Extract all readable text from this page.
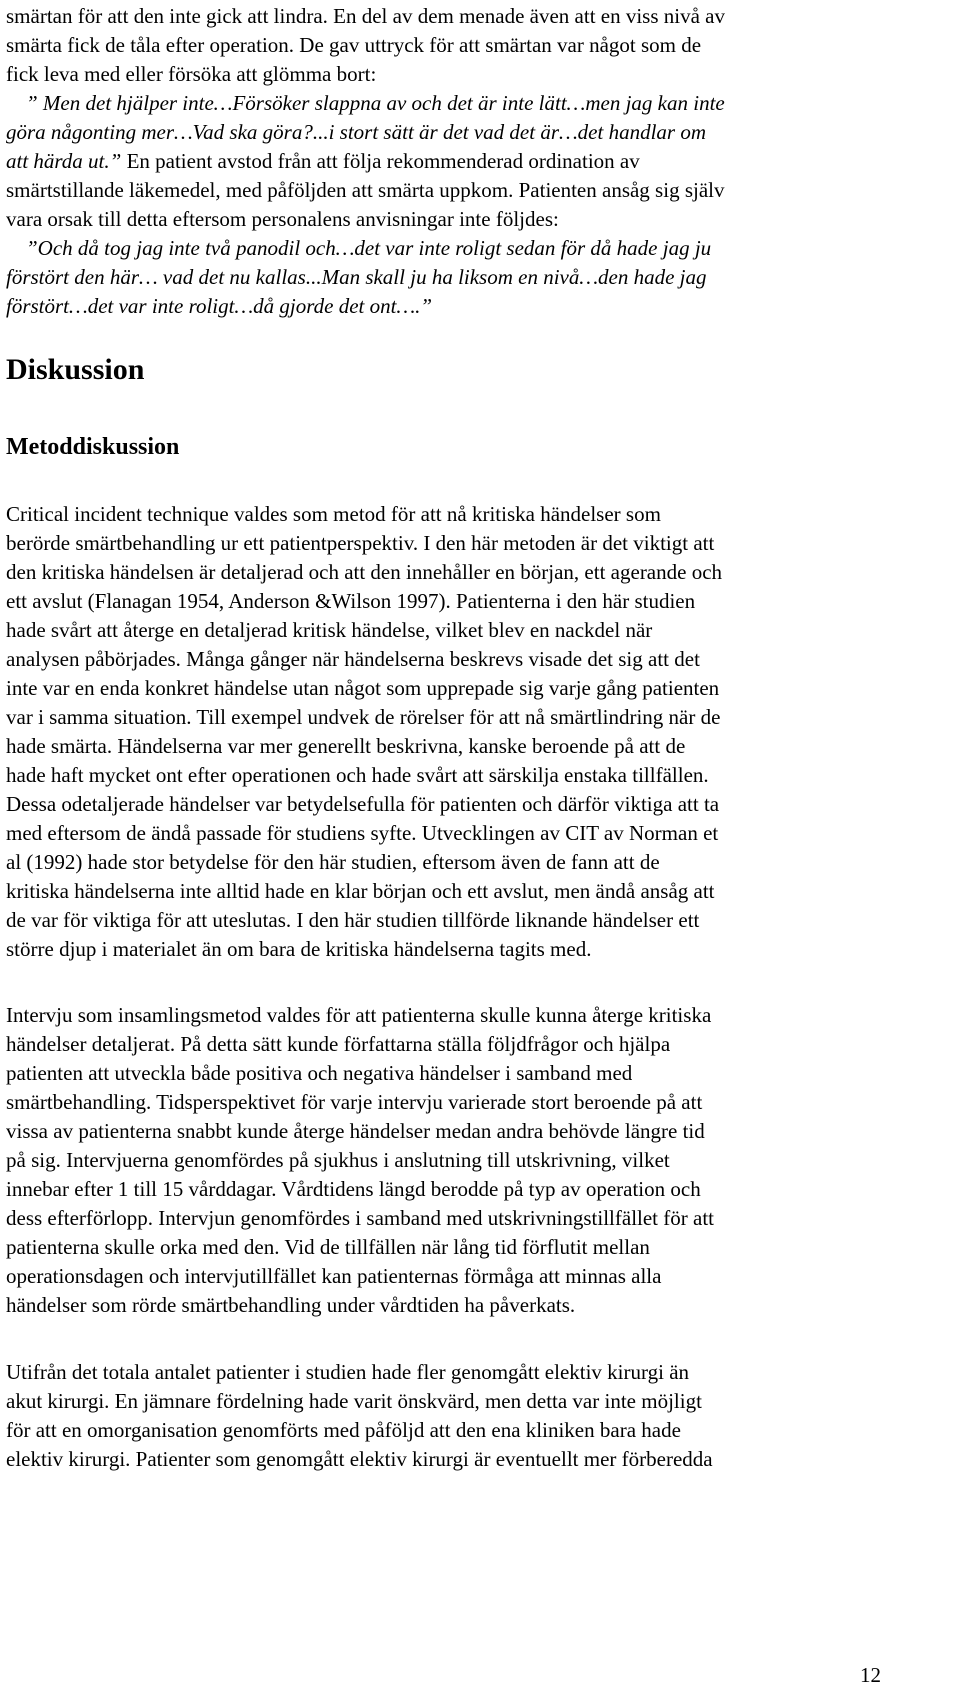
smärtan för att den inte gick att lindra. En del av dem menade även att en viss nivå av
smärta fick de tåla efter operation. De gav uttryck för att smärtan var något som de
fick leva med eller försöka att glömma bort:
” Men det hjälper inte…Försöker slappna av och det är inte lätt…men jag kan inte
göra någonting mer…Vad ska göra?...i stort sätt är det vad det är…det handlar om
att härda ut.” En patient avstod från att följa rekommenderad ordination av
smärtstillande läkemedel, med påföljden att smärta uppkom. Patienten ansåg sig själv
vara orsak till detta eftersom personalens anvisningar inte följdes:
”Och då tog jag inte två panodil och…det var inte roligt sedan för då hade jag ju
förstört den här… vad det nu kallas...Man skall ju ha liksom en nivå…den hade jag
förstört…det var inte roligt…då gjorde det ont….”
Diskussion
Metoddiskussion
Critical incident technique valdes som metod för att nå kritiska händelser som
berörde smärtbehandling ur ett patientperspektiv. I den här metoden är det viktigt att
den kritiska händelsen är detaljerad och att den innehåller en början, ett agerande och
ett avslut (Flanagan 1954, Anderson &Wilson 1997). Patienterna i den här studien
hade svårt att återge en detaljerad kritisk händelse, vilket blev en nackdel när
analysen påbörjades. Många gånger när händelserna beskrevs visade det sig att det
inte var en enda konkret händelse utan något som upprepade sig varje gång patienten
var i samma situation. Till exempel undvek de rörelser för att nå smärtlindring när de
hade smärta. Händelserna var mer generellt beskrivna, kanske beroende på att de
hade haft mycket ont efter operationen och hade svårt att särskilja enstaka tillfällen.
Dessa odetaljerade händelser var betydelsefulla för patienten och därför viktiga att ta
med eftersom de ändå passade för studiens syfte. Utvecklingen av CIT av Norman et
al (1992) hade stor betydelse för den här studien, eftersom även de fann att de
kritiska händelserna inte alltid hade en klar början och ett avslut, men ändå ansåg att
de var för viktiga för att uteslutas. I den här studien tillförde liknande händelser ett
större djup i materialet än om bara de kritiska händelserna tagits med.
Intervju som insamlingsmetod valdes för att patienterna skulle kunna återge kritiska
händelser detaljerat. På detta sätt kunde författarna ställa följdfrågor och hjälpa
patienten att utveckla både positiva och negativa händelser i samband med
smärtbehandling. Tidsperspektivet för varje intervju varierade stort beroende på att
vissa av patienterna snabbt kunde återge händelser medan andra behövde längre tid
på sig. Intervjuerna genomfördes på sjukhus i anslutning till utskrivning, vilket
innebar efter 1 till 15 vårddagar. Vårdtidens längd berodde på typ av operation och
dess efterförlopp. Intervjun genomfördes i samband med utskrivningstillfället för att
patienterna skulle orka med den. Vid de tillfällen när lång tid förflutit mellan
operationsdagen och intervjutillfället kan patienternas förmåga att minnas alla
händelser som rörde smärtbehandling under vårdtiden ha påverkats.
Utifrån det totala antalet patienter i studien hade fler genomgått elektiv kirurgi än
akut kirurgi. En jämnare fördelning hade varit önskvärd, men detta var inte möjligt
för att en omorganisation genomförts med påföljd att den ena kliniken bara hade
elektiv kirurgi. Patienter som genomgått elektiv kirurgi är eventuellt mer förberedda
12
